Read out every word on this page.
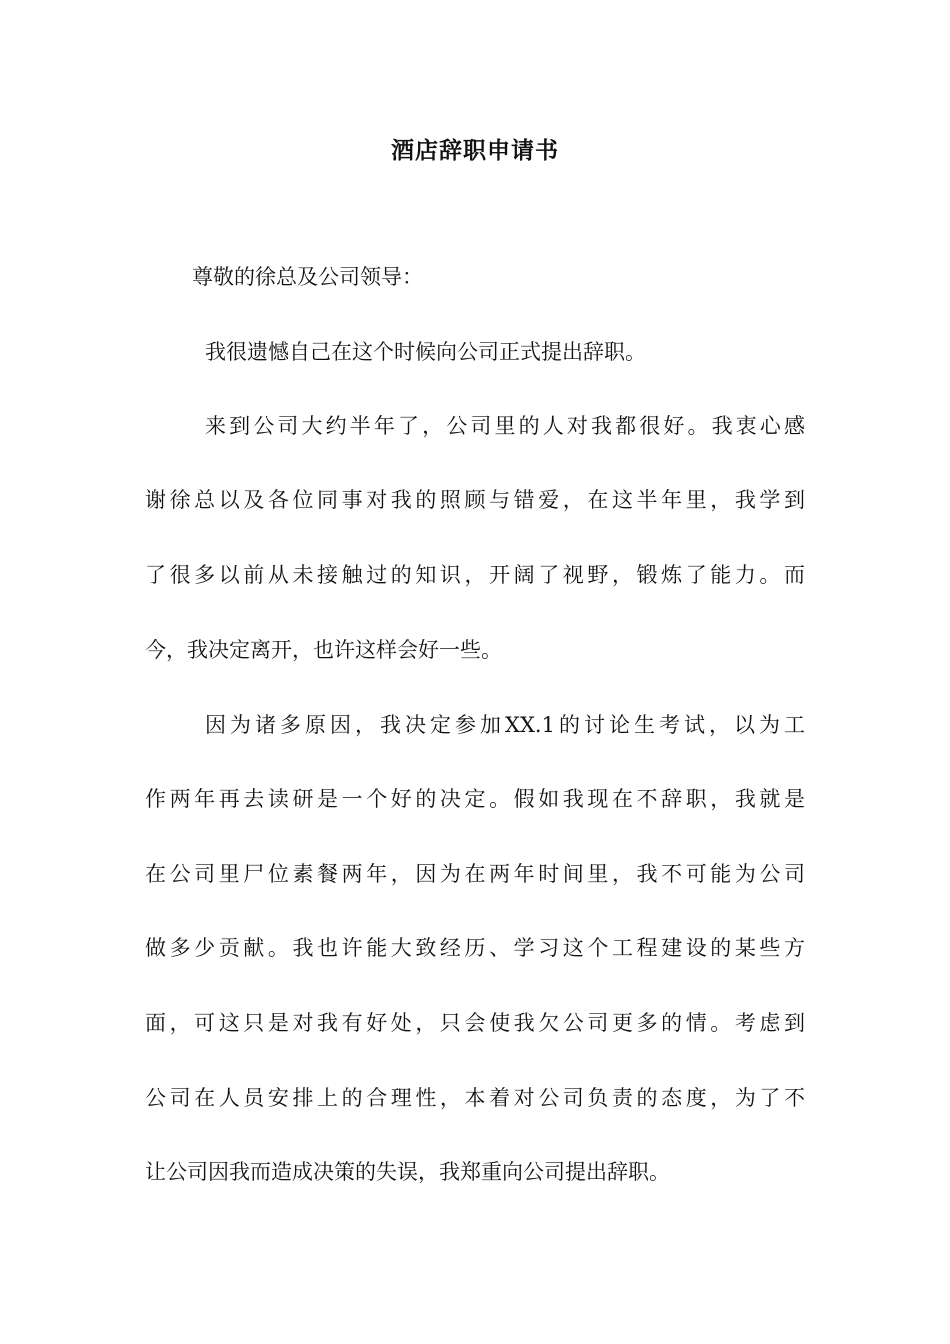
酒店辞职申请书
尊敬的徐总及公司领导：
我很遗憾自己在这个时候向公司正式提出辞职。
来到公司大约半年了，公司里的人对我都很好。我衷心感
谢徐总以及各位同事对我的照顾与错爱，在这半年里，我学到
了很多以前从未接触过的知识，开阔了视野，锻炼了能力。而
今，我决定离开，也许这样会好一些。
因为诸多原因，我决定参加XX.1的讨论生考试，以为工
作两年再去读研是一个好的决定。假如我现在不辞职，我就是
在公司里尸位素餐两年，因为在两年时间里，我不可能为公司
做多少贡献。我也许能大致经历、学习这个工程建设的某些方
面，可这只是对我有好处，只会使我欠公司更多的情。考虑到
公司在人员安排上的合理性，本着对公司负责的态度，为了不
让公司因我而造成决策的失误，我郑重向公司提出辞职。
